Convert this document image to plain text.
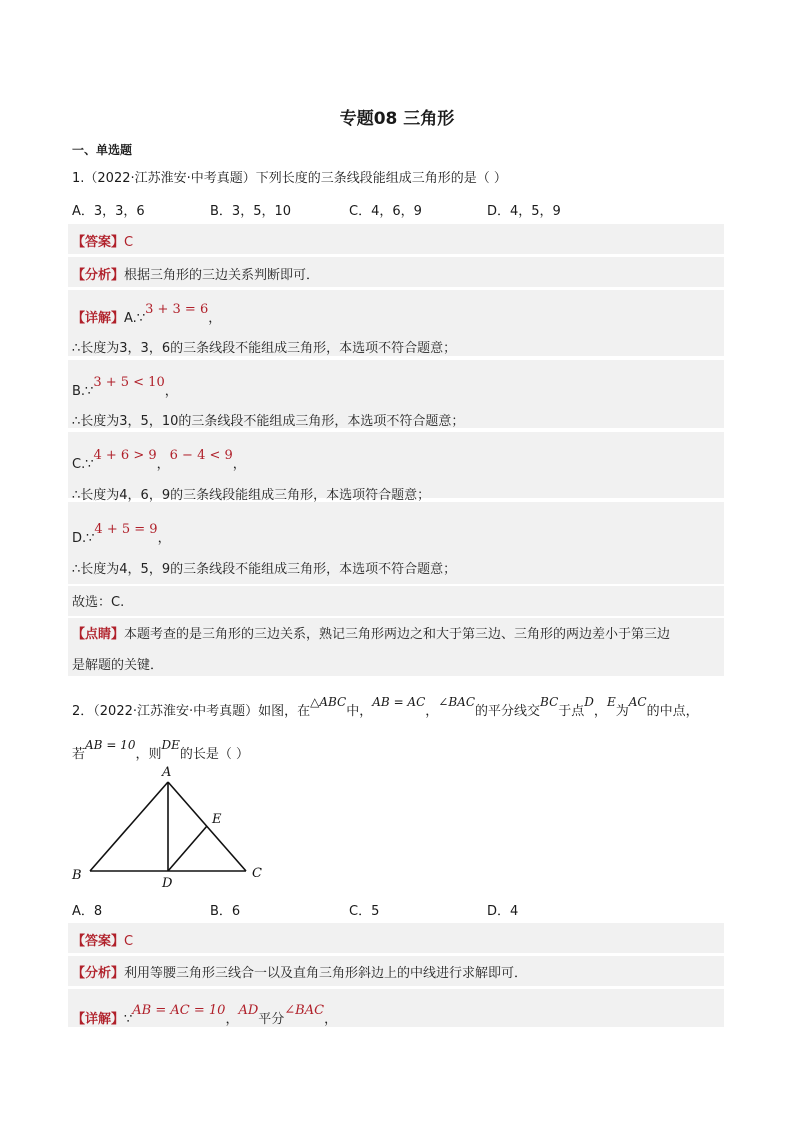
专题08 三角形
一、单选题
1.（2022·江苏淮安·中考真题）下列长度的三条线段能组成三角形的是（ ）
A．3，3，6	B．3，5，10	C．4，6，9	D．4，5，9
【答案】C
【分析】根据三角形的三边关系判断即可．
【详解】A.∵3 + 3 = 6，
∴长度为3，3，6的三条线段不能组成三角形，本选项不符合题意；
B.∵3 + 5 < 10，
∴长度为3，5，10的三条线段不能组成三角形，本选项不符合题意；
C.∵4 + 6 > 9，6 − 4 < 9，
∴长度为4，6，9的三条线段能组成三角形，本选项符合题意；
D.∵4 + 5 = 9，
∴长度为4，5，9的三条线段不能组成三角形，本选项不符合题意；
故选：C.
【点睛】本题考查的是三角形的三边关系，熟记三角形两边之和大于第三边、三角形的两边差小于第三边
是解题的关键．
2．（2022·江苏淮安·中考真题）如图，在△ABC中，AB = AC，∠BAC的平分线交BC于点D，E为AC的中点，
若AB = 10，则DE的长是（ ）
A
B	C
D
E
A．8	B．6	C．5	D．4
【答案】C
【分析】利用等腰三角形三线合一以及直角三角形斜边上的中线进行求解即可．
【详解】∵AB = AC = 10，AD平分∠BAC，
